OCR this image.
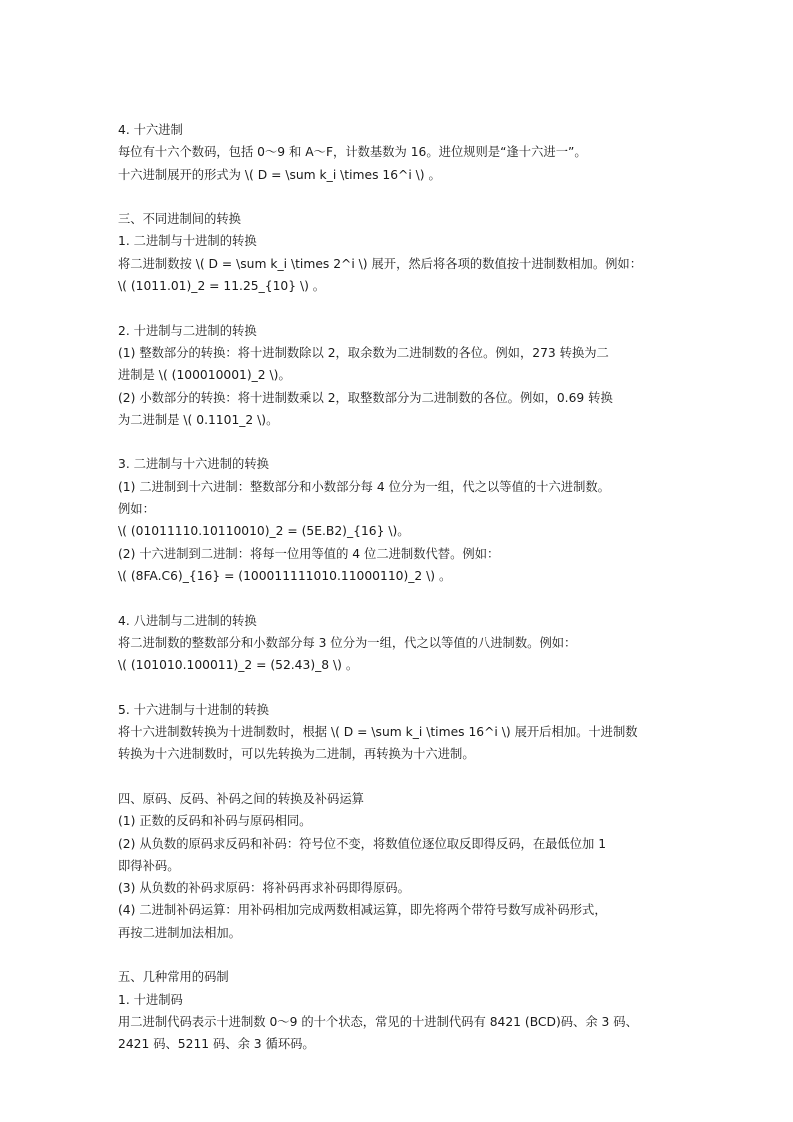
4. 十六进制
每位有十六个数码，包括 0～9 和 A～F，计数基数为 16。进位规则是“逢十六进一”。
十六进制展开的形式为 \( D = \sum k_i \times 16^i \) 。
三、不同进制间的转换
1. 二进制与十进制的转换
将二进制数按 \( D = \sum k_i \times 2^i \) 展开，然后将各项的数值按十进制数相加。例如：
\( (1011.01)_2 = 11.25_{10} \) 。
2. 十进制与二进制的转换
(1) 整数部分的转换：将十进制数除以 2，取余数为二进制数的各位。例如，273 转换为二
进制是 \( (100010001)_2 \)。
(2) 小数部分的转换：将十进制数乘以 2，取整数部分为二进制数的各位。例如，0.69 转换
为二进制是 \( 0.1101_2 \)。
3. 二进制与十六进制的转换
(1) 二进制到十六进制：整数部分和小数部分每 4 位分为一组，代之以等值的十六进制数。
例如：
\( (01011110.10110010)_2 = (5E.B2)_{16} \)。
(2) 十六进制到二进制：将每一位用等值的 4 位二进制数代替。例如：
\( (8FA.C6)_{16} = (100011111010.11000110)_2 \) 。
4. 八进制与二进制的转换
将二进制数的整数部分和小数部分每 3 位分为一组，代之以等值的八进制数。例如：
\( (101010.100011)_2 = (52.43)_8 \) 。
5. 十六进制与十进制的转换
将十六进制数转换为十进制数时，根据 \( D = \sum k_i \times 16^i \) 展开后相加。十进制数
转换为十六进制数时，可以先转换为二进制，再转换为十六进制。
四、原码、反码、补码之间的转换及补码运算
(1) 正数的反码和补码与原码相同。
(2) 从负数的原码求反码和补码：符号位不变，将数值位逐位取反即得反码，在最低位加 1
即得补码。
(3) 从负数的补码求原码：将补码再求补码即得原码。
(4) 二进制补码运算：用补码相加完成两数相减运算，即先将两个带符号数写成补码形式，
再按二进制加法相加。
五、几种常用的码制
1. 十进制码
用二进制代码表示十进制数 0～9 的十个状态，常见的十进制代码有 8421 (BCD)码、余 3 码、
2421 码、5211 码、余 3 循环码。
